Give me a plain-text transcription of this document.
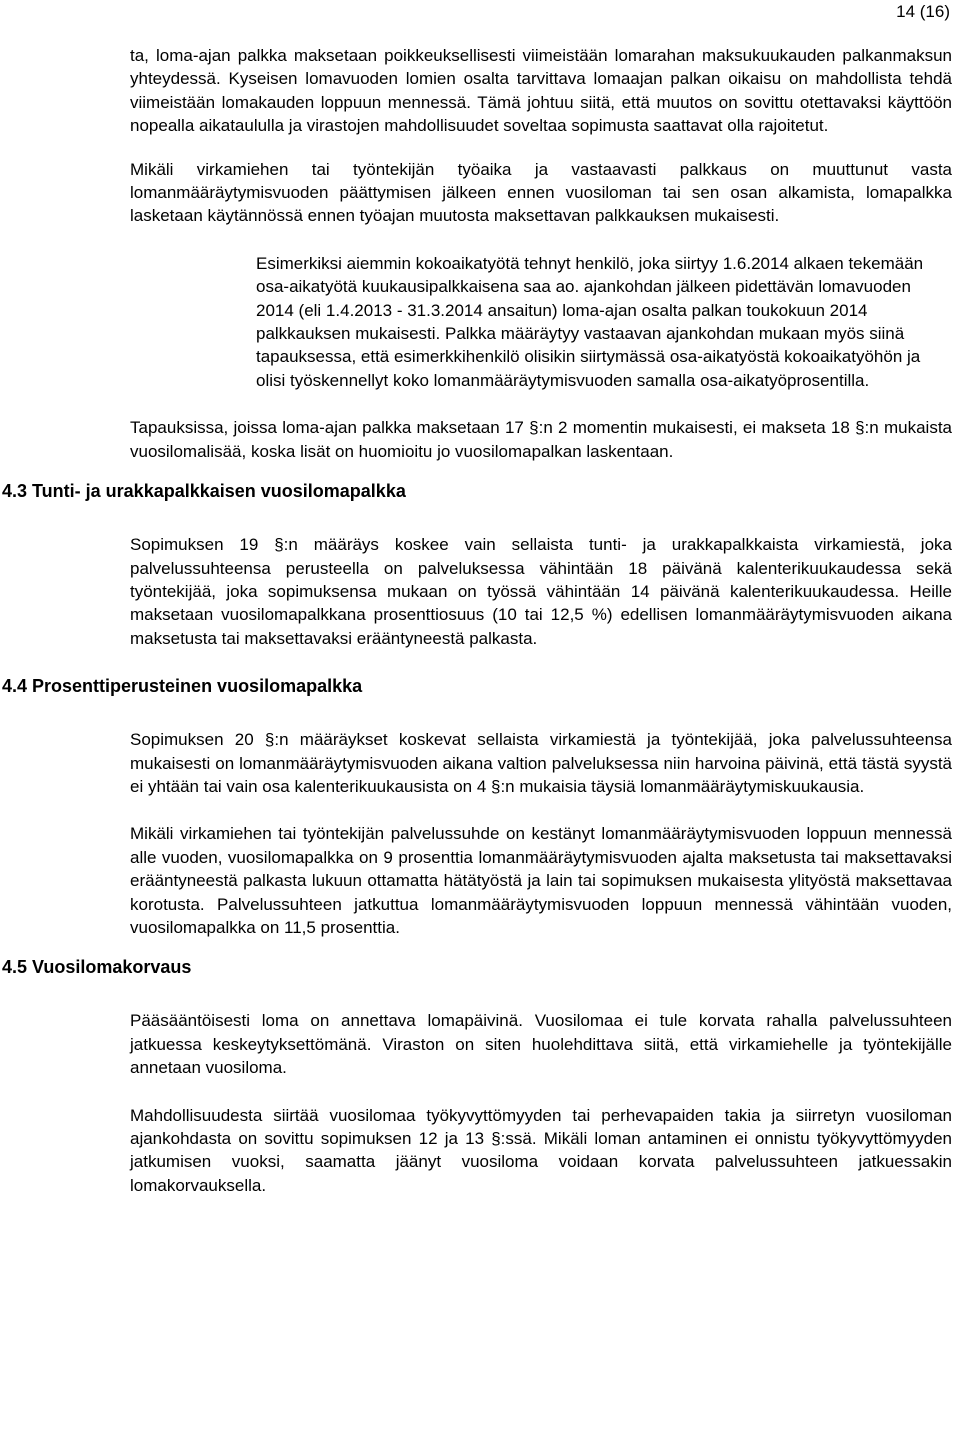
14 (16)

ta, loma-ajan palkka maksetaan poikkeuksellisesti viimeistään lomarahan maksukuukauden palkanmaksun yhteydessä. Kyseisen lomavuoden lomien osalta tarvittava lomaajan palkan oikaisu on mahdollista tehdä viimeistään lomakauden loppuun mennessä. Tämä johtuu siitä, että muutos on sovittu otettavaksi käyttöön nopealla aikataululla ja virastojen mahdollisuudet soveltaa sopimusta saattavat olla rajoitetut.

Mikäli virkamiehen tai työntekijän työaika ja vastaavasti palkkaus on muuttunut vasta lomanmääräytymisvuoden päättymisen jälkeen ennen vuosiloman tai sen osan alkamista, lomapalkka lasketaan käytännössä ennen työajan muutosta maksettavan palkkauksen mukaisesti.

Esimerkiksi aiemmin kokoaikatyötä tehnyt henkilö, joka siirtyy 1.6.2014 alkaen tekemään osa-aikatyötä kuukausipalkkaisena saa ao. ajankohdan jälkeen pidettävän lomavuoden 2014 (eli 1.4.2013 - 31.3.2014 ansaitun) loma-ajan osalta palkan toukokuun 2014 palkkauksen mukaisesti. Palkka määräytyy vastaavan ajankohdan mukaan myös siinä tapauksessa, että esimerkkihenkilö olisikin siirtymässä osa-aikatyöstä kokoaikatyöhön ja olisi työskennellyt koko lomanmääräytymisvuoden samalla osa-aikatyöprosentilla.

Tapauksissa, joissa loma-ajan palkka maksetaan 17 §:n 2 momentin mukaisesti, ei makseta 18 §:n mukaista vuosilomalisää, koska lisät on huomioitu jo vuosilomapalkan laskentaan.

4.3 Tunti- ja urakkapalkkaisen vuosilomapalkka

Sopimuksen 19 §:n määräys koskee vain sellaista tunti- ja urakkapalkkaista virkamiestä, joka palvelussuhteensa perusteella on palveluksessa vähintään 18 päivänä kalenterikuukaudessa sekä työntekijää, joka sopimuksensa mukaan on työssä vähintään 14 päivänä kalenterikuukaudessa. Heille maksetaan vuosilomapalkkana prosenttiosuus (10 tai 12,5 %) edellisen lomanmääräytymisvuoden aikana maksetusta tai maksettavaksi erääntyneestä palkasta.

4.4 Prosenttiperusteinen vuosilomapalkka

Sopimuksen 20 §:n määräykset koskevat sellaista virkamiestä ja työntekijää, joka palvelussuhteensa mukaisesti on lomanmääräytymisvuoden aikana valtion palveluksessa niin harvoina päivinä, että tästä syystä ei yhtään tai vain osa kalenterikuukausista on 4 §:n mukaisia täysiä lomanmääräytymiskuukausia.

Mikäli virkamiehen tai työntekijän palvelussuhde on kestänyt lomanmääräytymisvuoden loppuun mennessä alle vuoden, vuosilomapalkka on 9 prosenttia lomanmääräytymisvuoden ajalta maksetusta tai maksettavaksi erääntyneestä palkasta lukuun ottamatta hätätyöstä ja lain tai sopimuksen mukaisesta ylityöstä maksettavaa korotusta. Palvelussuhteen jatkuttua lomanmääräytymisvuoden loppuun mennessä vähintään vuoden, vuosilomapalkka on 11,5 prosenttia.

4.5 Vuosilomakorvaus

Pääsääntöisesti loma on annettava lomapäivinä. Vuosilomaa ei tule korvata rahalla palvelussuhteen jatkuessa keskeytyksettömänä. Viraston on siten huolehdittava siitä, että virkamiehelle ja työntekijälle annetaan vuosiloma.

Mahdollisuudesta siirtää vuosilomaa työkyvyttömyyden tai perhevapaiden takia ja siirretyn vuosiloman ajankohdasta on sovittu sopimuksen 12 ja 13 §:ssä. Mikäli loman antaminen ei onnistu työkyvyttömyyden jatkumisen vuoksi, saamatta jäänyt vuosiloma voidaan korvata palvelussuhteen jatkuessakin lomakorvauksella.
